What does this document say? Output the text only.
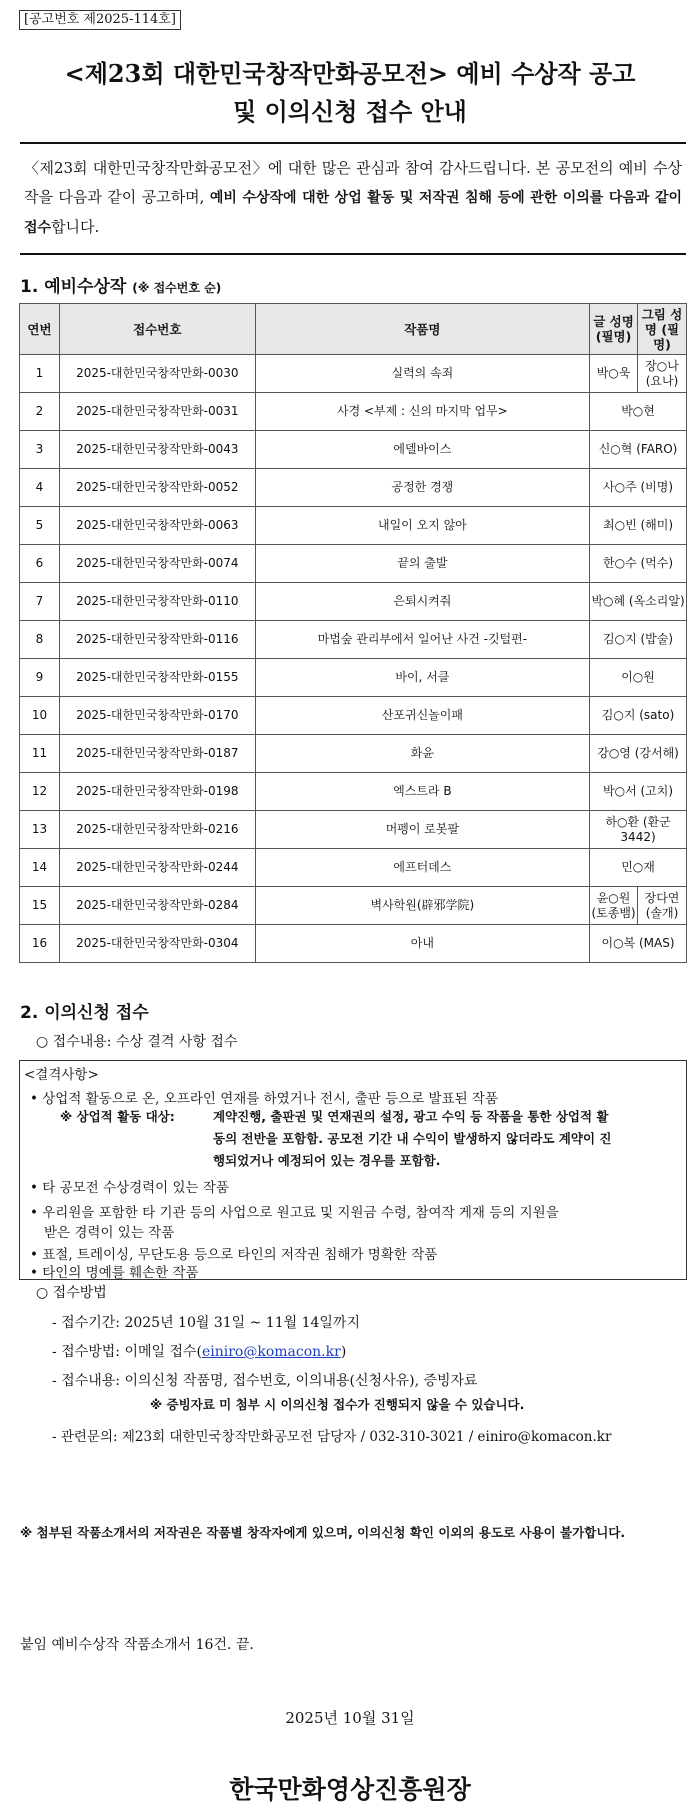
[공고번호 제2025-114호]
<제23회 대한민국창작만화공모전> 예비 수상작 공고
및 이의신청 접수 안내
〈제23회 대한민국창작만화공모전〉에 대한 많은 관심과 참여 감사드립니다. 본 공모전의 예비 수상작을 다음과 같이 공고하며, 예비 수상작에 대한 상업 활동 및 저작권 침해 등에 관한 이의를 다음과 같이 접수합니다.
1. 예비수상작 (※ 접수번호 순)
연번	접수번호	작품명	글 성명 (필명)	그림 성명 (필명)
1	2025-대한민국창작만화-0030	실력의 속죄	박○욱	장○나 (요나)
2	2025-대한민국창작만화-0031	사경 <부제 : 신의 마지막 업무>	박○현	
3	2025-대한민국창작만화-0043	에델바이스	신○혁 (FARO)	
4	2025-대한민국창작만화-0052	공정한 경쟁	사○주 (비명)	
5	2025-대한민국창작만화-0063	내일이 오지 않아	최○빈 (해미)	
6	2025-대한민국창작만화-0074	끝의 출발	한○수 (먹수)	
7	2025-대한민국창작만화-0110	은퇴시켜줘	박○혜 (옥소리알)	
8	2025-대한민국창작만화-0116	마법숲 관리부에서 일어난 사건 -깃털편-	김○지 (밥술)	
9	2025-대한민국창작만화-0155	바이, 서클	이○원	
10	2025-대한민국창작만화-0170	산포귀신놀이패	김○지 (sato)	
11	2025-대한민국창작만화-0187	화윤	강○영 (강서해)	
12	2025-대한민국창작만화-0198	엑스트라 B	박○서 (고치)	
13	2025-대한민국창작만화-0216	머펭이 로봇팔	하○환 (환군3442)	
14	2025-대한민국창작만화-0244	에프터데스	민○재	
15	2025-대한민국창작만화-0284	벽사학원(辟邪学院)	윤○원 (토종뱀)	장다연 (솔개)
16	2025-대한민국창작만화-0304	아내	이○복 (MAS)	
2. 이의신청 접수
○ 접수내용: 수상 결격 사항 접수
<결격사항>
• 상업적 활동으로 온, 오프라인 연재를 하였거나 전시, 출판 등으로 발표된 작품
※ 상업적 활동 대상:	계약진행, 출판권 및 연재권의 설정, 광고 수익 등 작품을 통한 상업적 활
동의 전반을 포함함. 공모전 기간 내 수익이 발생하지 않더라도 계약이 진
행되었거나 예정되어 있는 경우를 포함함.
• 타 공모전 수상경력이 있는 작품
• 우리원을 포함한 타 기관 등의 사업으로 원고료 및 지원금 수령, 참여작 게재 등의 지원을
받은 경력이 있는 작품
• 표절, 트레이싱, 무단도용 등으로 타인의 저작권 침해가 명확한 작품
• 타인의 명예를 훼손한 작품
○ 접수방법
- 접수기간: 2025년 10월 31일 ~ 11월 14일까지
- 접수방법: 이메일 접수(einiro@komacon.kr)
- 접수내용: 이의신청 작품명, 접수번호, 이의내용(신청사유), 증빙자료
※ 증빙자료 미 첨부 시 이의신청 접수가 진행되지 않을 수 있습니다.
- 관련문의: 제23회 대한민국창작만화공모전 담당자 / 032-310-3021 / einiro@komacon.kr
※ 첨부된 작품소개서의 저작권은 작품별 창작자에게 있으며, 이의신청 확인 이외의 용도로 사용이 불가합니다.
붙임 예비수상작 작품소개서 16건. 끝.
2025년 10월 31일
한국만화영상진흥원장
